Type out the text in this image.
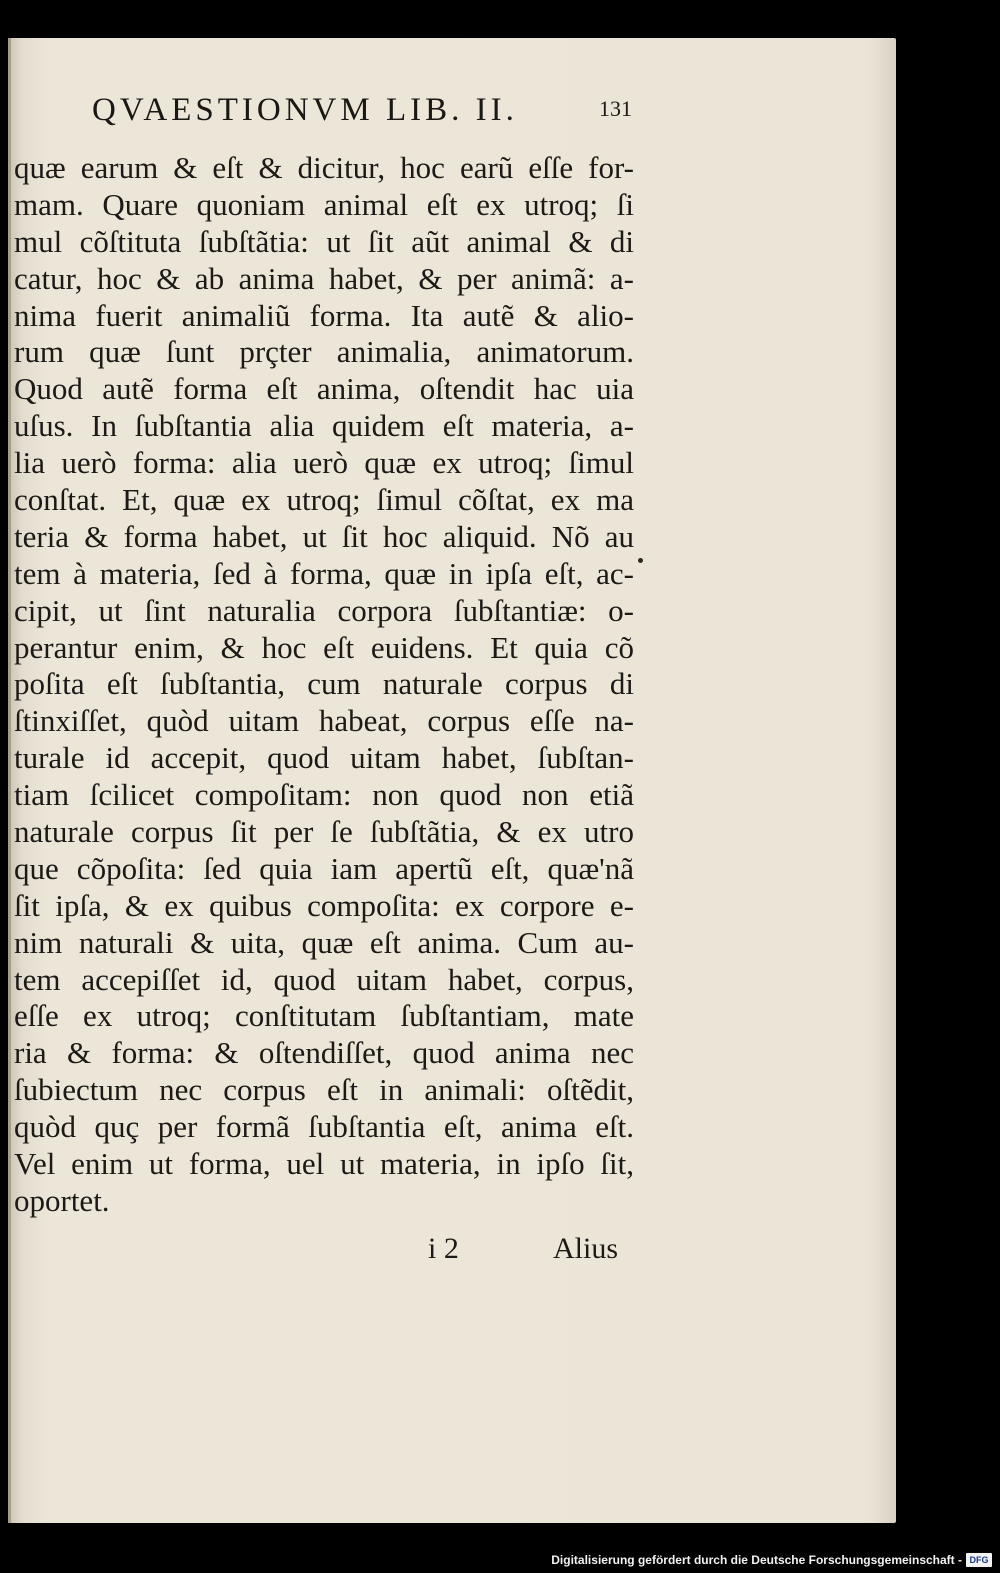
QVAESTIONVM LIB. II.	131
quæ earum & eſt & dicitur, hoc earũ eſſe for-
mam. Quare quoniam animal eſt ex utroq; ſi
mul cõſtituta ſubſtãtia: ut ſit aũt animal & di
catur, hoc & ab anima habet, & per animã: a-
nima fuerit animaliũ forma. Ita autẽ & alio-
rum quæ ſunt prçter animalia, animatorum.
Quod autẽ forma eſt anima, oſtendit hac uia
uſus. In ſubſtantia alia quidem eſt materia, a-
lia uerò forma: alia uerò quæ ex utroq; ſimul
conſtat. Et, quæ ex utroq; ſimul cõſtat, ex ma
teria & forma habet, ut ſit hoc aliquid. Nõ au
tem à materia, ſed à forma, quæ in ipſa eſt, ac-
cipit, ut ſint naturalia corpora ſubſtantiæ: o-
perantur enim, & hoc eſt euidens. Et quia cõ
poſita eſt ſubſtantia, cum naturale corpus di
ſtinxiſſet, quòd uitam habeat, corpus eſſe na-
turale id accepit, quod uitam habet, ſubſtan-
tiam ſcilicet compoſitam: non quod non etiã
naturale corpus ſit per ſe ſubſtãtia, & ex utro
que cõpoſita: ſed quia iam apertũ eſt, quæ'nã
ſit ipſa, & ex quibus compoſita: ex corpore e-
nim naturali & uita, quæ eſt anima. Cum au-
tem accepiſſet id, quod uitam habet, corpus,
eſſe ex utroq; conſtitutam ſubſtantiam, mate
ria & forma: & oſtendiſſet, quod anima nec
ſubiectum nec corpus eſt in animali: oſtẽdit,
quòd quç per formã ſubſtantia eſt, anima eſt.
Vel enim ut forma, uel ut materia, in ipſo ſit,
oportet.
i 2	Alius
Digitalisierung gefördert durch die Deutsche Forschungsgemeinschaft - DFG
